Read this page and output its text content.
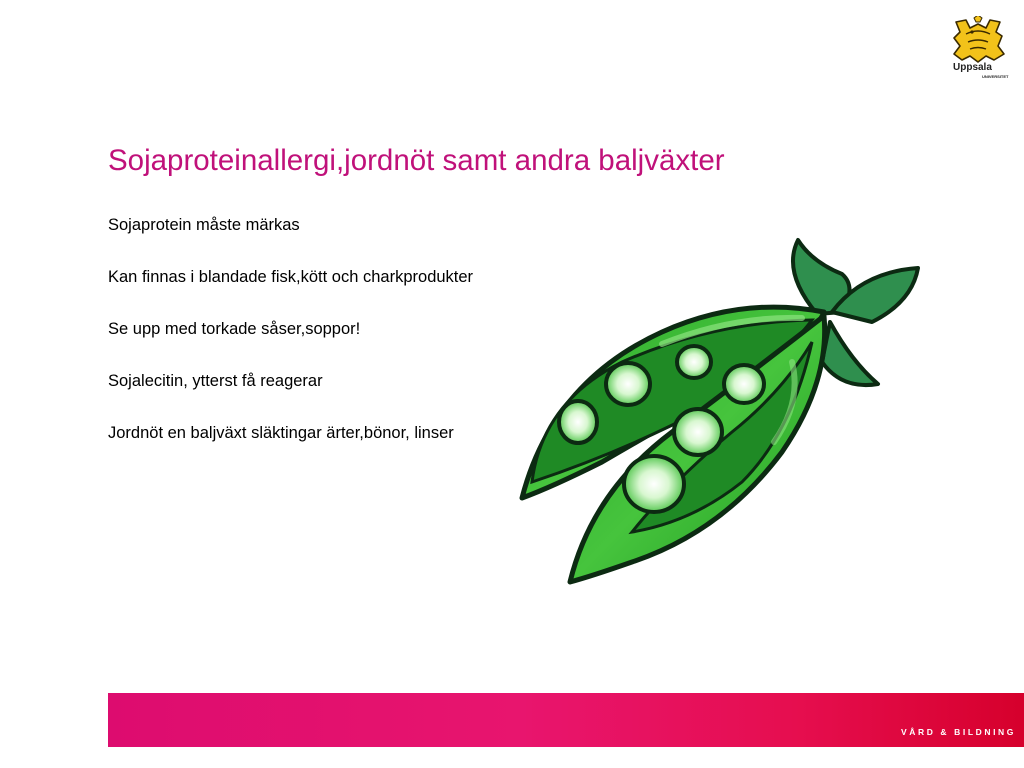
Uppsala
UNIVERSITET
Sojaproteinallergi,jordnöt samt andra baljväxter
Sojaprotein måste märkas
Kan finnas i blandade fisk,kött och charkprodukter
Se upp med torkade såser,soppor!
Sojalecitin, ytterst få reagerar
Jordnöt en baljväxt släktingar ärter,bönor, linser
VÅRD & BILDNING
